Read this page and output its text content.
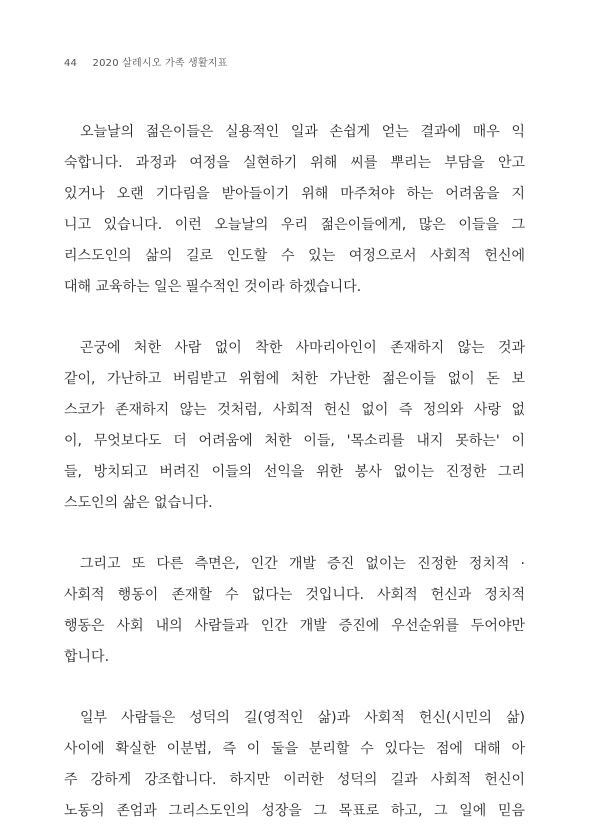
44 2020 살레시오 가족 생활지표
오늘날의 젊은이들은 실용적인 일과 손쉽게 얻는 결과에 매우 익
숙합니다. 과정과 여정을 실현하기 위해 씨를 뿌리는 부담을 안고
있거나 오랜 기다림을 받아들이기 위해 마주쳐야 하는 어려움을 지
니고 있습니다. 이런 오늘날의 우리 젊은이들에게, 많은 이들을 그
리스도인의 삶의 길로 인도할 수 있는 여정으로서 사회적 헌신에
대해 교육하는 일은 필수적인 것이라 하겠습니다.
곤궁에 처한 사람 없이 착한 사마리아인이 존재하지 않는 것과
같이, 가난하고 버림받고 위험에 처한 가난한 젊은이들 없이 돈 보
스코가 존재하지 않는 것처럼, 사회적 헌신 없이 즉 정의와 사랑 없
이, 무엇보다도 더 어려움에 처한 이들, '목소리를 내지 못하는' 이
들, 방치되고 버려진 이들의 선익을 위한 봉사 없이는 진정한 그리
스도인의 삶은 없습니다.
그리고 또 다른 측면은, 인간 개발 증진 없이는 진정한 정치적 ·
사회적 행동이 존재할 수 없다는 것입니다. 사회적 헌신과 정치적
행동은 사회 내의 사람들과 인간 개발 증진에 우선순위를 두어야만
합니다.
일부 사람들은 성덕의 길(영적인 삶)과 사회적 헌신(시민의 삶)
사이에 확실한 이분법, 즉 이 둘을 분리할 수 있다는 점에 대해 아
주 강하게 강조합니다. 하지만 이러한 성덕의 길과 사회적 헌신이
노동의 존엄과 그리스도인의 성장을 그 목표로 하고, 그 일에 믿음
